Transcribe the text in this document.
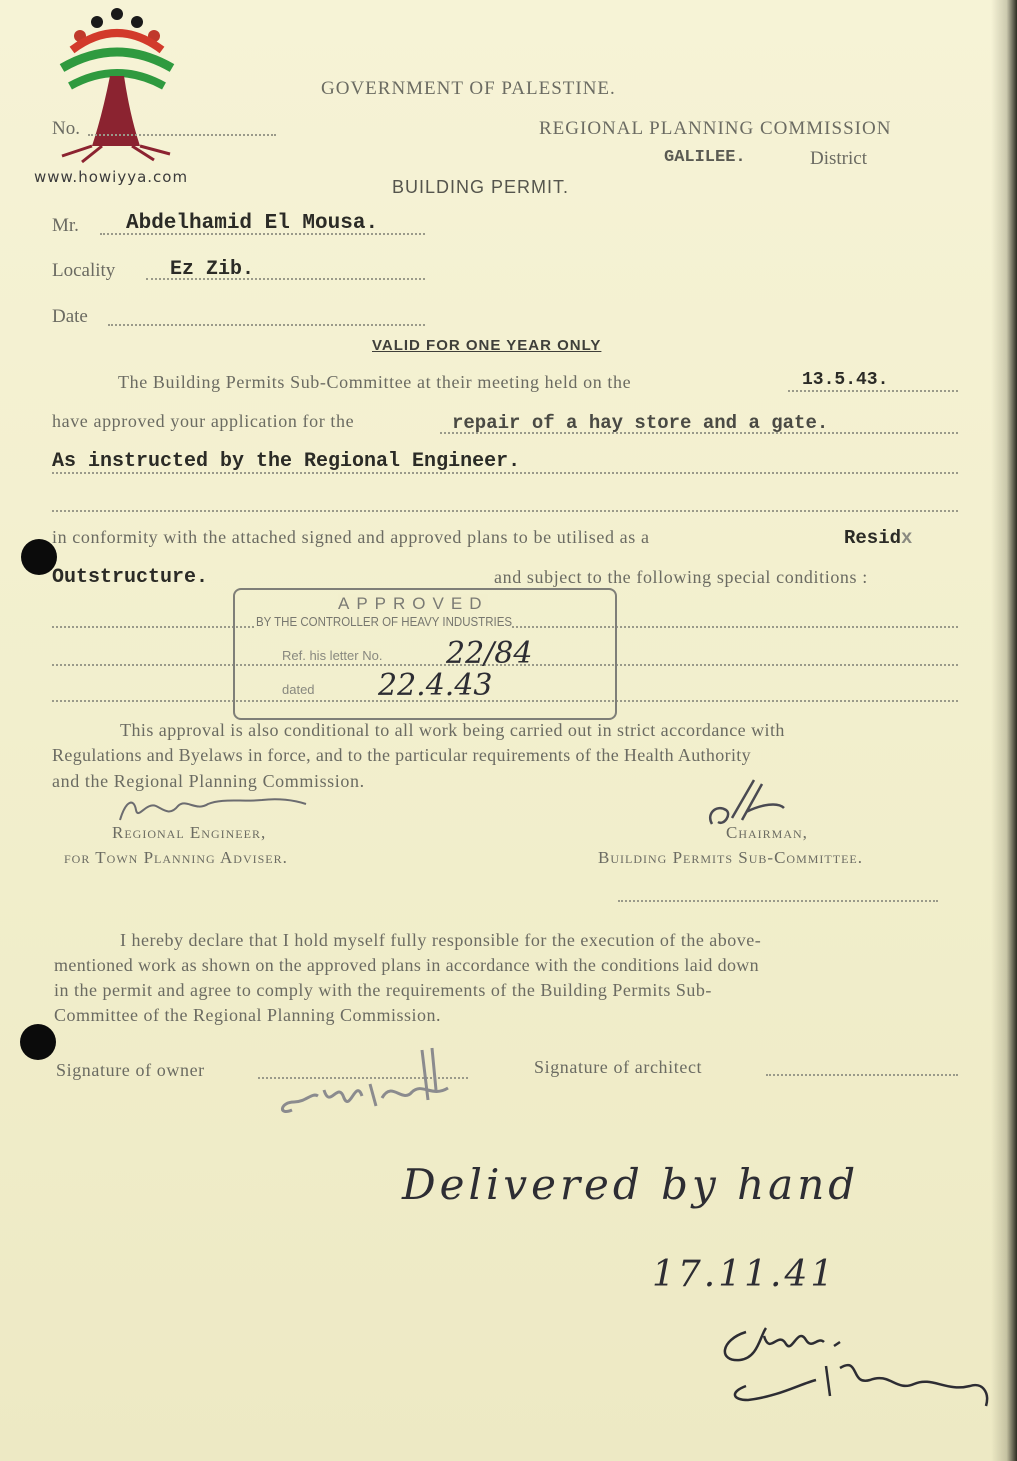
www.howiyya.com
GOVERNMENT OF PALESTINE.
No.	REGIONAL PLANNING COMMISSION
GALILEE.	District
BUILDING PERMIT.
Mr. Abdelhamid El Mousa.
Locality	Ez Zib.
Date
VALID FOR ONE YEAR ONLY
The Building Permits Sub-Committee at their meeting held on the	13.5.43.
have approved your application for the	repair of a hay store and a gate.
As instructed by the Regional Engineer.
in conformity with the attached signed and approved plans to be utilised as a	Residx
Outstructure.	and subject to the following special conditions :
APPROVED
BY THE CONTROLLER OF HEAVY INDUSTRIES
Ref. his letter No. 22/84
dated 22.4.43
This approval is also conditional to all work being carried out in strict accordance with
Regulations and Byelaws in force, and to the particular requirements of the Health Authority
and the Regional Planning Commission.
Regional Engineer,
for Town Planning Adviser.
Chairman,
Building Permits Sub-Committee.
I hereby declare that I hold myself fully responsible for the execution of the above-
mentioned work as shown on the approved plans in accordance with the conditions laid down
in the permit and agree to comply with the requirements of the Building Permits Sub-
Committee of the Regional Planning Commission.
Signature of owner	Signature of architect
Delivered by hand
17.11.41
